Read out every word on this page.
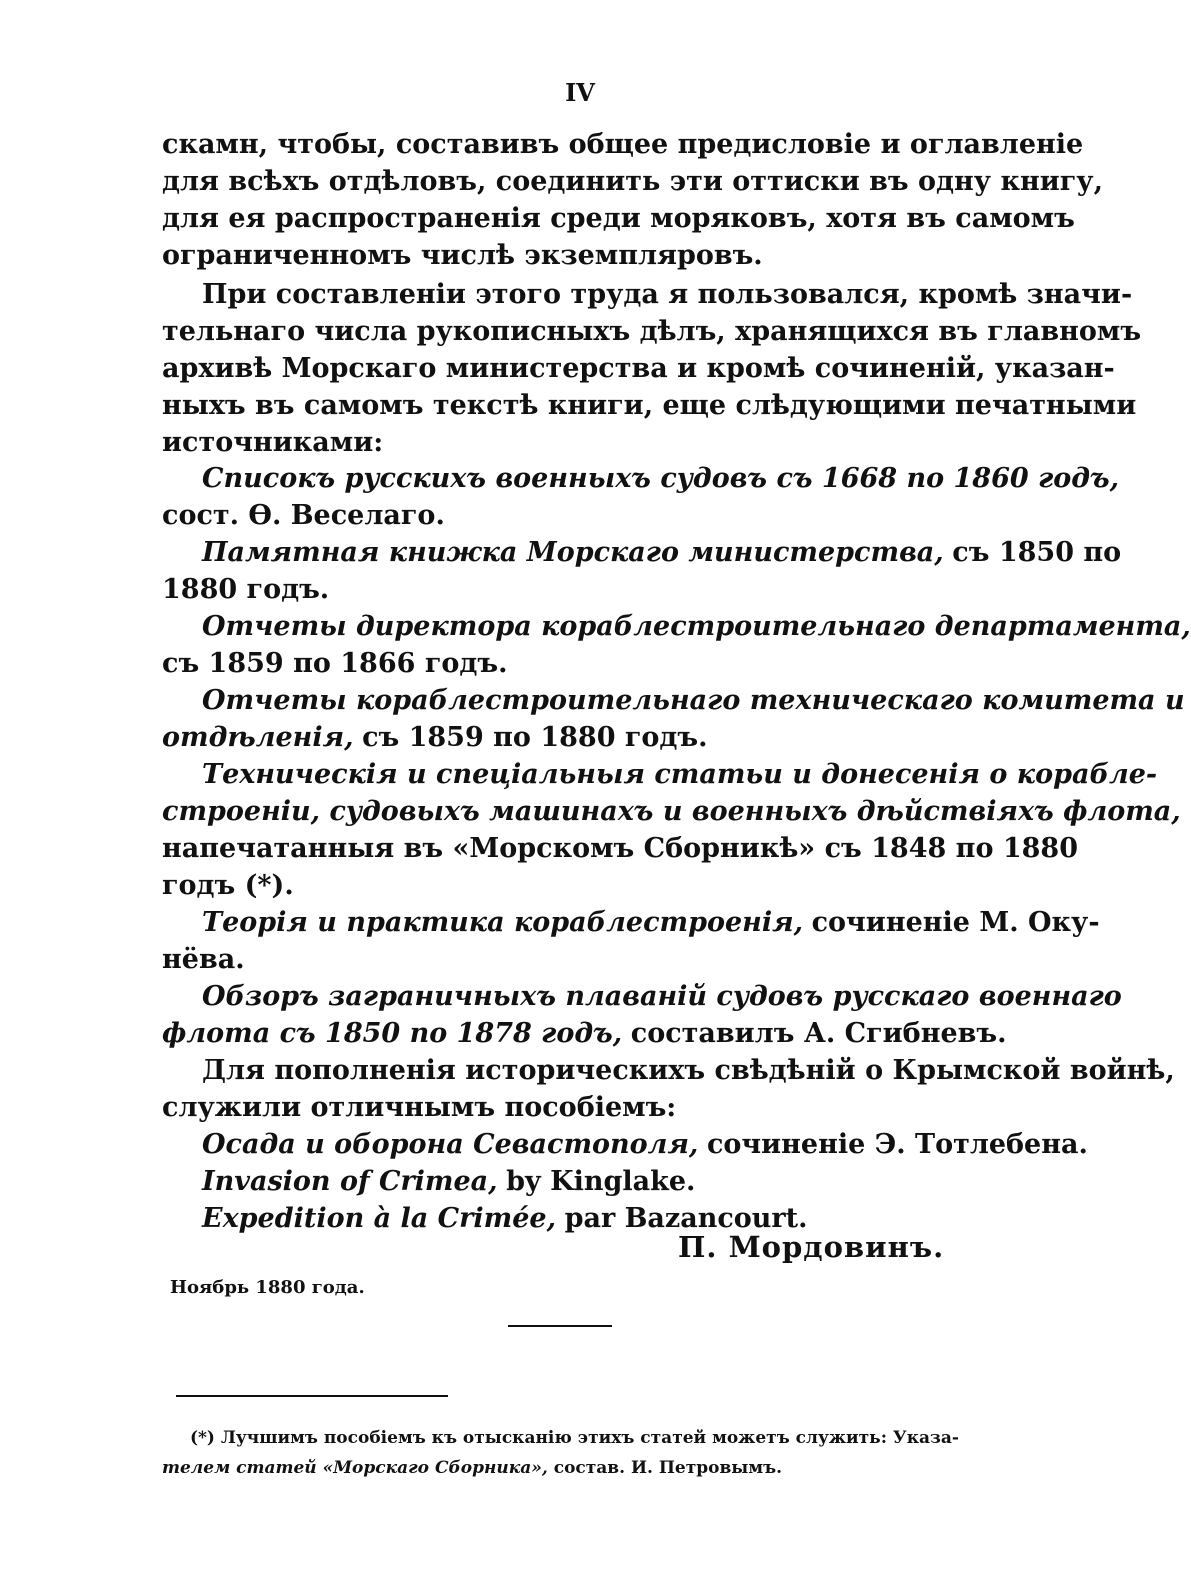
IV
скамн, чтобы, составивъ общее предисловіе и оглавленіе
для всѣхъ отдѣловъ, соединить эти оттиски въ одну книгу,
для ея распространенія среди моряковъ, хотя въ самомъ
ограниченномъ числѣ экземпляровъ.
При составленіи этого труда я пользовался, кромѣ значи-
тельнаго числа рукописныхъ дѣлъ, хранящихся въ главномъ
архивѣ Морскаго министерства и кромѣ сочиненій, указан-
ныхъ въ самомъ текстѣ книги, еще слѣдующими печатными
источниками:
Списокъ русскихъ военныхъ судовъ съ 1668 по 1860 годъ,
сост. Ѳ. Веселаго.
Памятная книжка Морскаго министерства, съ 1850 по
1880 годъ.
Отчеты директора кораблестроительнаго департамента,
съ 1859 по 1866 годъ.
Отчеты кораблестроительнаго техническаго комитета и
отдѣленія, съ 1859 по 1880 годъ.
Техническія и спеціальныя статьи и донесенія о корабле-
строеніи, судовыхъ машинахъ и военныхъ дѣйствіяхъ флота,
напечатанныя въ «Морскомъ Сборникѣ» съ 1848 по 1880
годъ (*).
Теорія и практика кораблестроенія, сочиненіе М. Оку-
нёва.
Обзоръ заграничныхъ плаваній судовъ русскаго военнаго
флота съ 1850 по 1878 годъ, составилъ А. Сгибневъ.
Для пополненія историческихъ свѣдѣній о Крымской войнѣ,
служили отличнымъ пособіемъ:
Осада и оборона Севастополя, сочиненіе Э. Тотлебена.
Invasion of Crimea, by Kinglake.
Expedition à la Crimée, par Bazancourt.
П. Мордовинъ.
Ноябрь 1880 года.
(*) Лучшимъ пособіемъ къ отысканію этихъ статей можетъ служить: Указа-
телем статей «Морскаго Сборника», состав. И. Петровымъ.
